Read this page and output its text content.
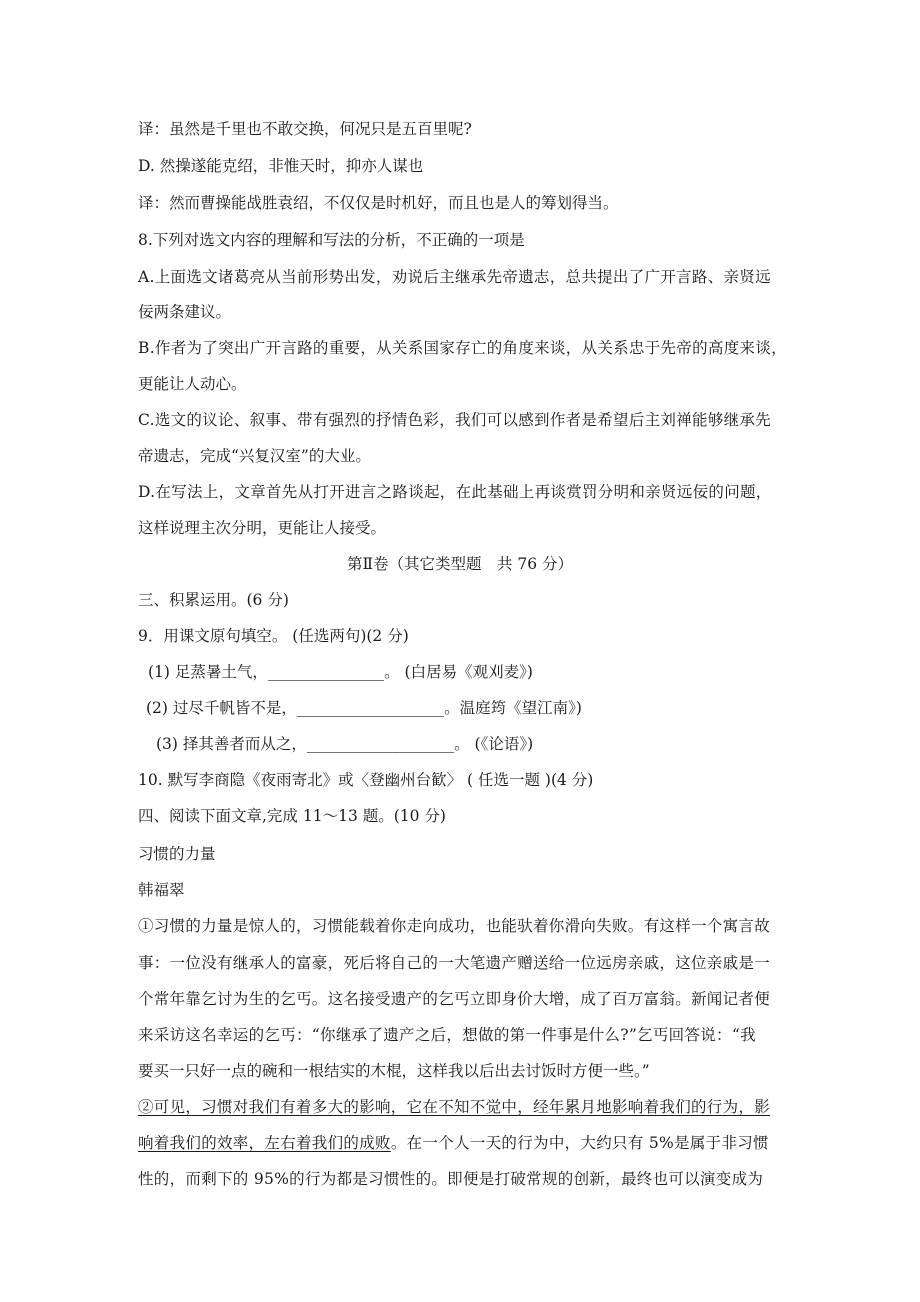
译：虽然是千里也不敢交换，何况只是五百里呢?
D. 然操遂能克绍，非惟天时，抑亦人谋也
译：然而曹操能战胜袁绍，不仅仅是时机好，而且也是人的筹划得当。
8.下列对选文内容的理解和写法的分析，不正确的一项是
A.上面选文诸葛亮从当前形势出发，劝说后主继承先帝遗志，总共提出了广开言路、亲贤远
佞两条建议。
B.作者为了突出广开言路的重要，从关系国家存亡的角度来谈，从关系忠于先帝的高度来谈，
更能让人动心。
C.选文的议论、叙事、带有强烈的抒情色彩，我们可以感到作者是希望后主刘禅能够继承先
帝遗志，完成“兴复汉室”的大业。
D.在写法上，文章首先从打开进言之路谈起，在此基础上再谈赏罚分明和亲贤远佞的问题，
这样说理主次分明，更能让人接受。
第Ⅱ卷（其它类型题　共 76 分）
三、积累运用。(6 分)
9．用课文原句填空。 (任选两句)(2 分)
(1) 足蒸暑土气，_______________。 (白居易《观刈麦》)
(2) 过尽千帆皆不是，___________________。温庭筠《望江南》)
(3) 择其善者而从之，___________________。 (《论语》)
10. 默写李商隐《夜雨寄北》或〈登幽州台歓〉 ( 任选一题 )(4 分)
四、阅读下面文章,完成 11～13 题。(10 分)
习惯的力量
韩福翠
①习惯的力量是惊人的，习惯能载着你走向成功，也能驮着你滑向失败。有这样一个寓言故
事：一位没有继承人的富豪，死后将自己的一大笔遗产赠送给一位远房亲戚，这位亲戚是一
个常年靠乞讨为生的乞丐。这名接受遗产的乞丐立即身价大增，成了百万富翁。新闻记者便
来采访这名幸运的乞丐：“你继承了遗产之后，想做的第一件事是什么?”乞丐回答说：“我
要买一只好一点的碗和一根结实的木棍，这样我以后出去讨饭时方便一些。”
②可见，习惯对我们有着多大的影响，它在不知不觉中，经年累月地影响着我们的行为，影
响着我们的效率，左右着我们的成败。在一个人一天的行为中，大约只有 5%是属于非习惯
性的，而剩下的 95%的行为都是习惯性的。即便是打破常规的创新，最终也可以演变成为
